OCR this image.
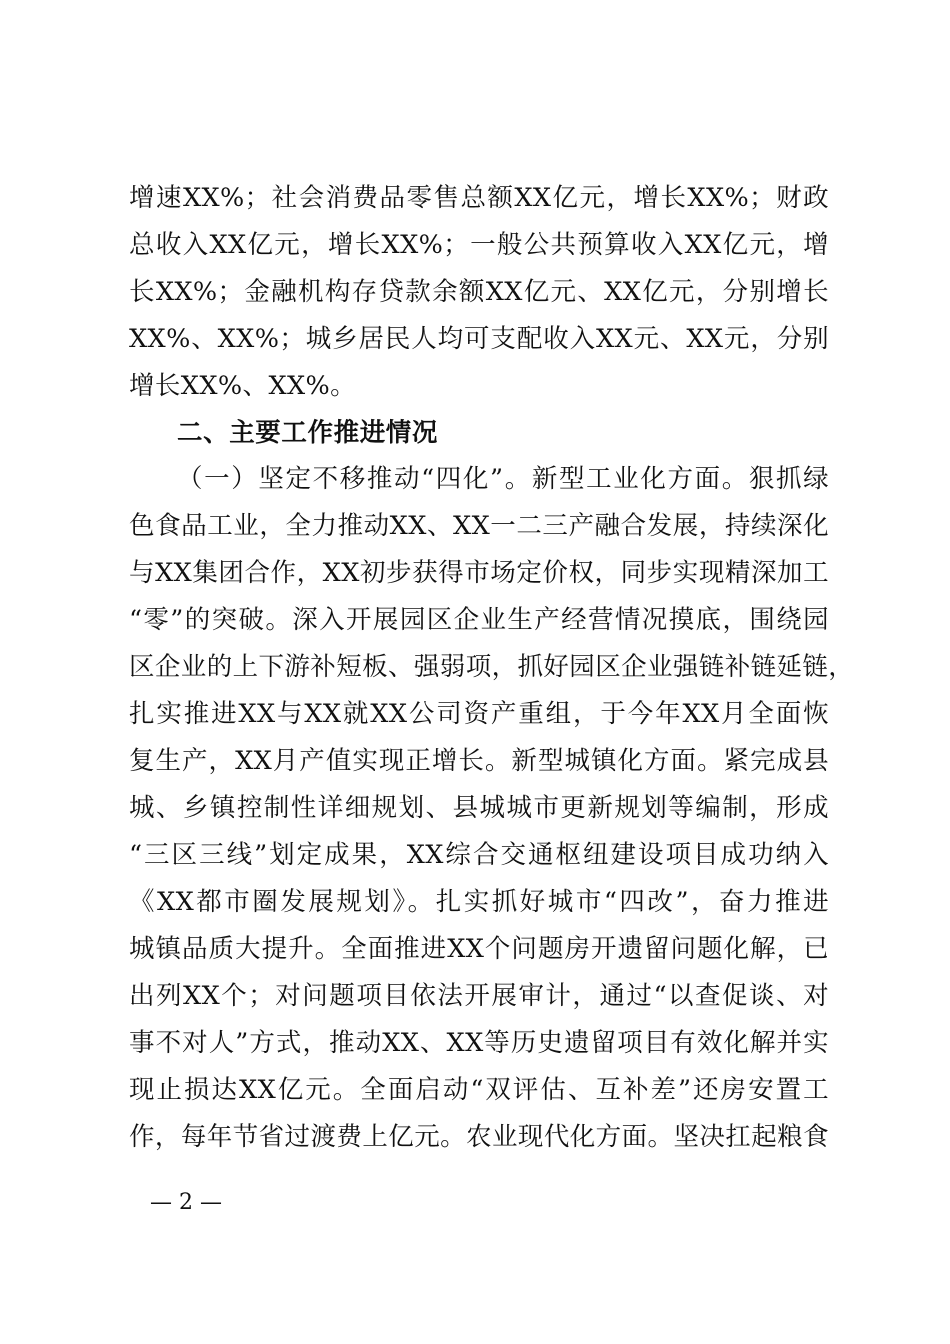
增速XX%；社会消费品零售总额XX亿元，增长XX%；财政
总收入XX亿元，增长XX%；一般公共预算收入XX亿元，增
长XX%；金融机构存贷款余额XX亿元、XX亿元，分别增长
XX%、XX%；城乡居民人均可支配收入XX元、XX元，分别
增长XX%、XX%。
二、主要工作推进情况
（一）坚定不移推动“四化”。新型工业化方面。狠抓绿
色食品工业，全力推动XX、XX一二三产融合发展，持续深化
与XX集团合作，XX初步获得市场定价权，同步实现精深加工
“零”的突破。深入开展园区企业生产经营情况摸底，围绕园
区企业的上下游补短板、强弱项，抓好园区企业强链补链延链，
扎实推进XX与XX就XX公司资产重组，于今年XX月全面恢
复生产，XX月产值实现正增长。新型城镇化方面。紧完成县
城、乡镇控制性详细规划、县城城市更新规划等编制，形成
“三区三线”划定成果，XX综合交通枢纽建设项目成功纳入
《XX都市圈发展规划》。扎实抓好城市“四改”，奋力推进
城镇品质大提升。全面推进XX个问题房开遗留问题化解，已
出列XX个；对问题项目依法开展审计，通过“以查促谈、对
事不对人”方式，推动XX、XX等历史遗留项目有效化解并实
现止损达XX亿元。全面启动“双评估、互补差”还房安置工
作，每年节省过渡费上亿元。农业现代化方面。坚决扛起粮食
— 2 —
